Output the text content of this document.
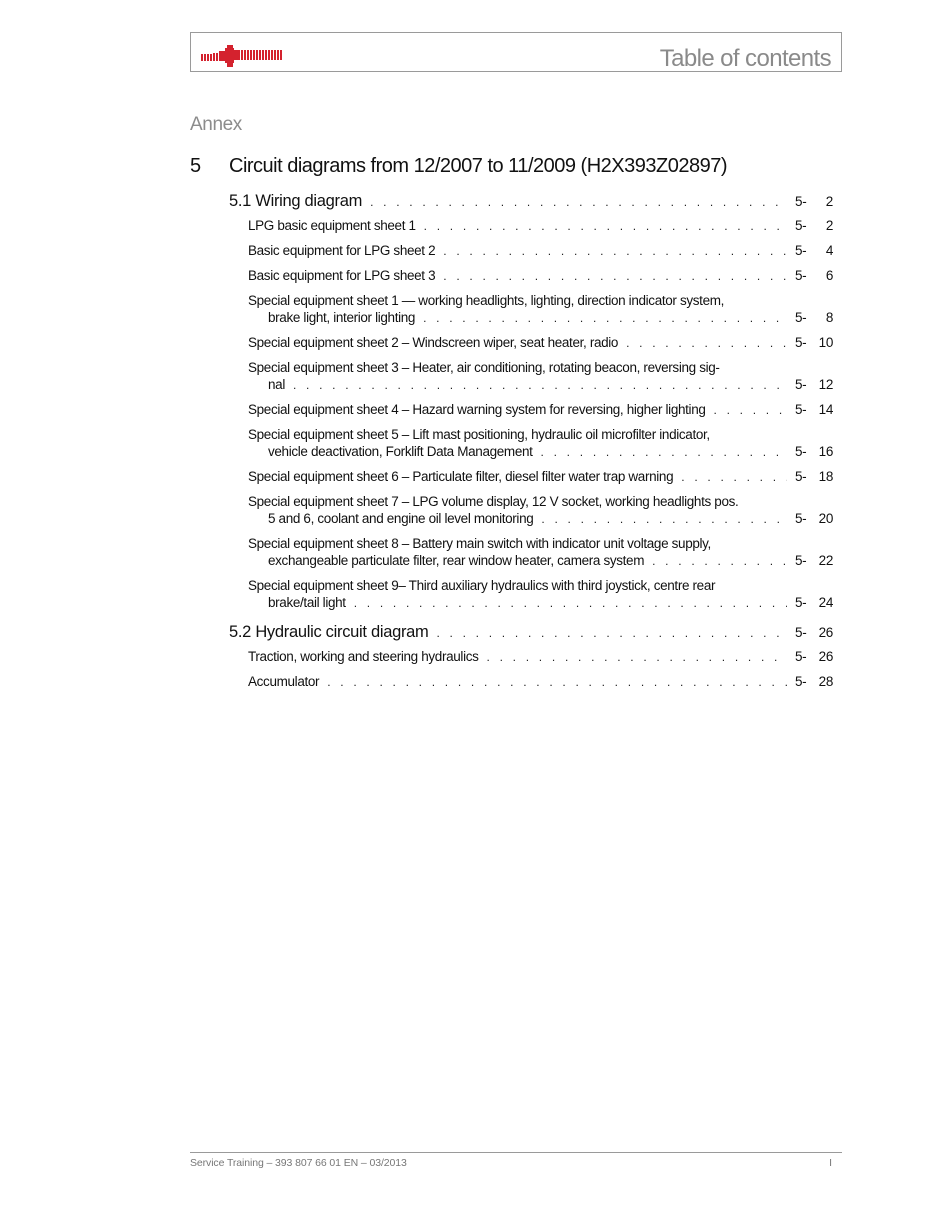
Table of contents
Annex
5 Circuit diagrams from 12/2007 to 11/2009 (H2X393Z02897)
5.1 Wiring diagram . . .	5-	2
LPG basic equipment sheet 1 . . .	5-	2
Basic equipment for LPG sheet 2 . . .	5-	4
Basic equipment for LPG sheet 3 . . .	5-	6
Special equipment sheet 1 — working headlights, lighting, direction indicator system,
brake light, interior lighting . . .	5-	8
Special equipment sheet 2 – Windscreen wiper, seat heater, radio . . .	5- 10
Special equipment sheet 3 – Heater, air conditioning, rotating beacon, reversing sig-
nal . . .	5- 12
Special equipment sheet 4 – Hazard warning system for reversing, higher lighting . . .	5- 14
Special equipment sheet 5 – Lift mast positioning, hydraulic oil microfilter indicator,
vehicle deactivation, Forklift Data Management . . .	5- 16
Special equipment sheet 6 – Particulate filter, diesel filter water trap warning . . .	5- 18
Special equipment sheet 7 – LPG volume display, 12 V socket, working headlights pos.
5 and 6, coolant and engine oil level monitoring . . .	5- 20
Special equipment sheet 8 – Battery main switch with indicator unit voltage supply,
exchangeable particulate filter, rear window heater, camera system . . .	5- 22
Special equipment sheet 9– Third auxiliary hydraulics with third joystick, centre rear
brake/tail light . . .	5- 24
5.2 Hydraulic circuit diagram . . .	5- 26
Traction, working and steering hydraulics . . .	5- 26
Accumulator . . .	5- 28
Service Training – 393 807 66 01 EN – 03/2013	I
